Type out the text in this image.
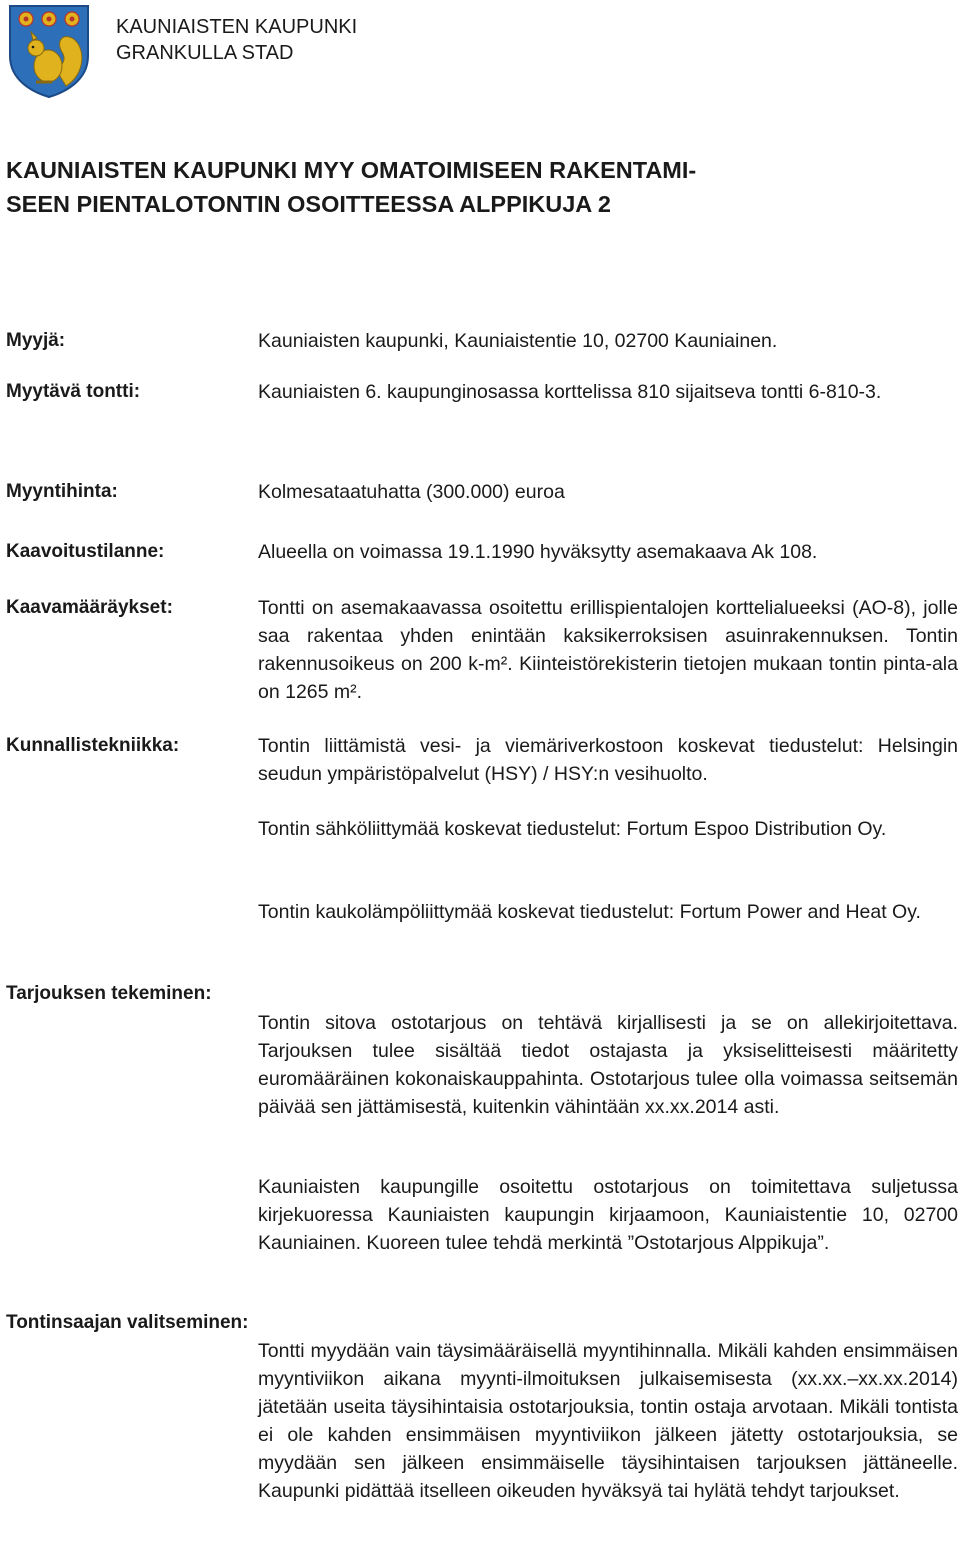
KAUNIAISTEN KAUPUNKI
GRANKULLA STAD
KAUNIAISTEN KAUPUNKI MYY OMATOIMISEEN RAKENTAMI-
SEEN PIENTALOTONTIN OSOITTEESSA ALPPIKUJA 2
Myyjä:	Kauniaisten kaupunki, Kauniaistentie 10, 02700 Kauniainen.
Myytävä tontti:	Kauniaisten 6. kaupunginosassa korttelissa 810 sijaitseva tontti 6-810-3.
Myyntihinta:	Kolmesataatuhatta (300.000) euroa
Kaavoitustilanne:	Alueella on voimassa 19.1.1990 hyväksytty asemakaava Ak 108.
Kaavamääräykset:	Tontti on asemakaavassa osoitettu erillispientalojen korttelialueeksi (AO-8), jolle saa rakentaa yhden enintään kaksikerroksisen asuinrakennuksen. Tontin rakennusoikeus on 200 k-m². Kiinteistörekisterin tietojen mukaan tontin pinta-ala on 1265 m².
Kunnallistekniikka:	Tontin liittämistä vesi- ja viemäriverkostoon koskevat tiedustelut: Helsingin seudun ympäristöpalvelut (HSY) / HSY:n vesihuolto.

Tontin sähköliittymää koskevat tiedustelut: Fortum Espoo Distribution Oy.

Tontin kaukolämpöliittymää koskevat tiedustelut: Fortum Power and Heat Oy.

Tarjouksen tekeminen:

Tontin sitova ostotarjous on tehtävä kirjallisesti ja se on allekirjoitettava. Tarjouksen tulee sisältää tiedot ostajasta ja yksiselitteisesti määritetty euromääräinen kokonaiskauppahinta. Ostotarjous tulee olla voimassa seitsemän päivää sen jättämisestä, kuitenkin vähintään xx.xx.2014 asti.

Kauniaisten kaupungille osoitettu ostotarjous on toimitettava suljetussa kirjekuoressa Kauniaisten kaupungin kirjaamoon, Kauniaistentie 10, 02700 Kauniainen. Kuoreen tulee tehdä merkintä ”Ostotarjous Alppikuja”.

Tontinsaajan valitseminen:

Tontti myydään vain täysimääräisellä myyntihinnalla. Mikäli kahden ensimmäisen myyntiviikon aikana myynti-ilmoituksen julkaisemisesta (xx.xx.–xx.xx.2014) jätetään useita täysihintaisia ostotarjouksia, tontin ostaja arvotaan. Mikäli tontista ei ole kahden ensimmäisen myyntiviikon jälkeen jätetty ostotarjouksia, se myydään sen jälkeen ensimmäiselle täysihintaisen tarjouksen jättäneelle. Kaupunki pidättää itselleen oikeuden hyväksyä tai hylätä tehdyt tarjoukset.
